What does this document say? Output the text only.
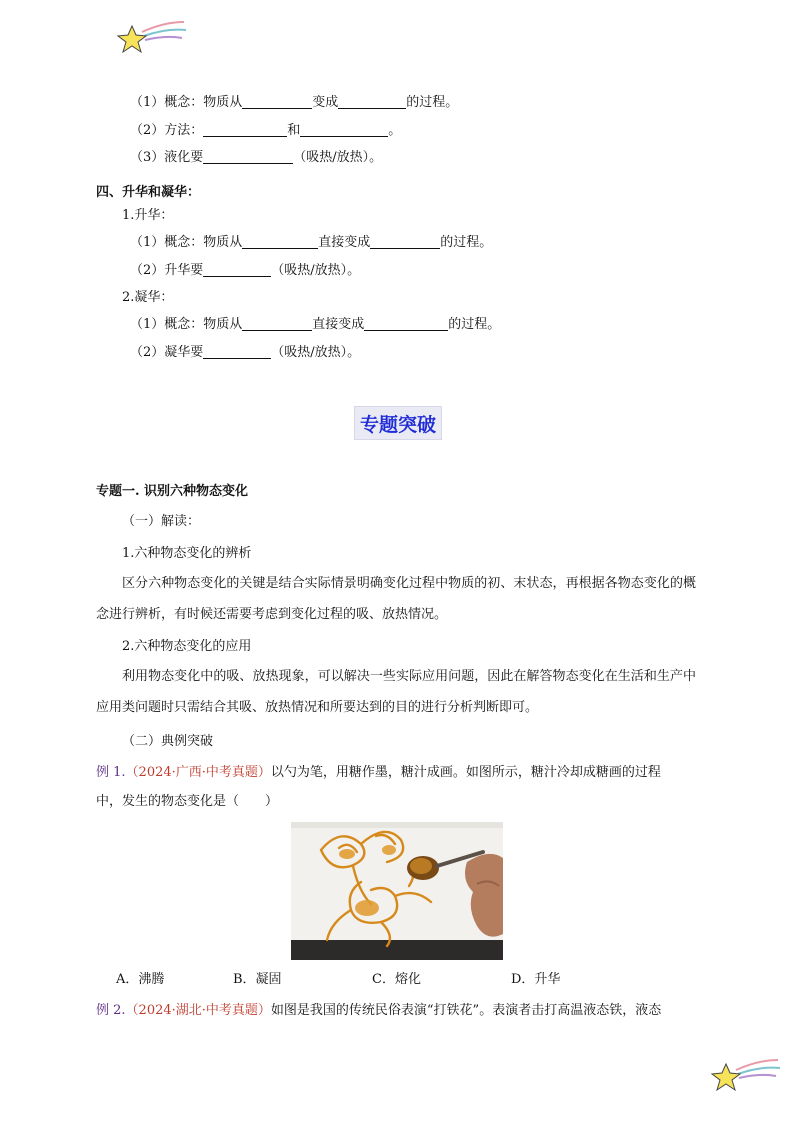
（1）概念：物质从	变成	的过程。
（2）方法：	和	。
（3）液化要	（吸热/放热）。
四、升华和凝华：
1.升华：
（1）概念：物质从	直接变成	的过程。
（2）升华要	（吸热/放热）。
2.凝华：
（1）概念：物质从	直接变成	的过程。
（2）凝华要	（吸热/放热）。
专题突破
专题一. 识别六种物态变化
（一）解读：
1.六种物态变化的辨析
区分六种物态变化的关键是结合实际情景明确变化过程中物质的初、末状态，再根据各物态变化的概念进行辨析，有时候还需要考虑到变化过程的吸、放热情况。
2.六种物态变化的应用
利用物态变化中的吸、放热现象，可以解决一些实际应用问题，因此在解答物态变化在生活和生产中应用类问题时只需结合其吸、放热情况和所要达到的目的进行分析判断即可。
（二）典例突破
例 1.（2024·广西·中考真题）以勺为笔，用糖作墨，糖汁成画。如图所示，糖汁冷却成糖画的过程
中，发生的物态变化是（　　）
A．沸腾	B．凝固	C．熔化	D．升华
例 2.（2024·湖北·中考真题）如图是我国的传统民俗表演“打铁花”。表演者击打高温液态铁，液态
